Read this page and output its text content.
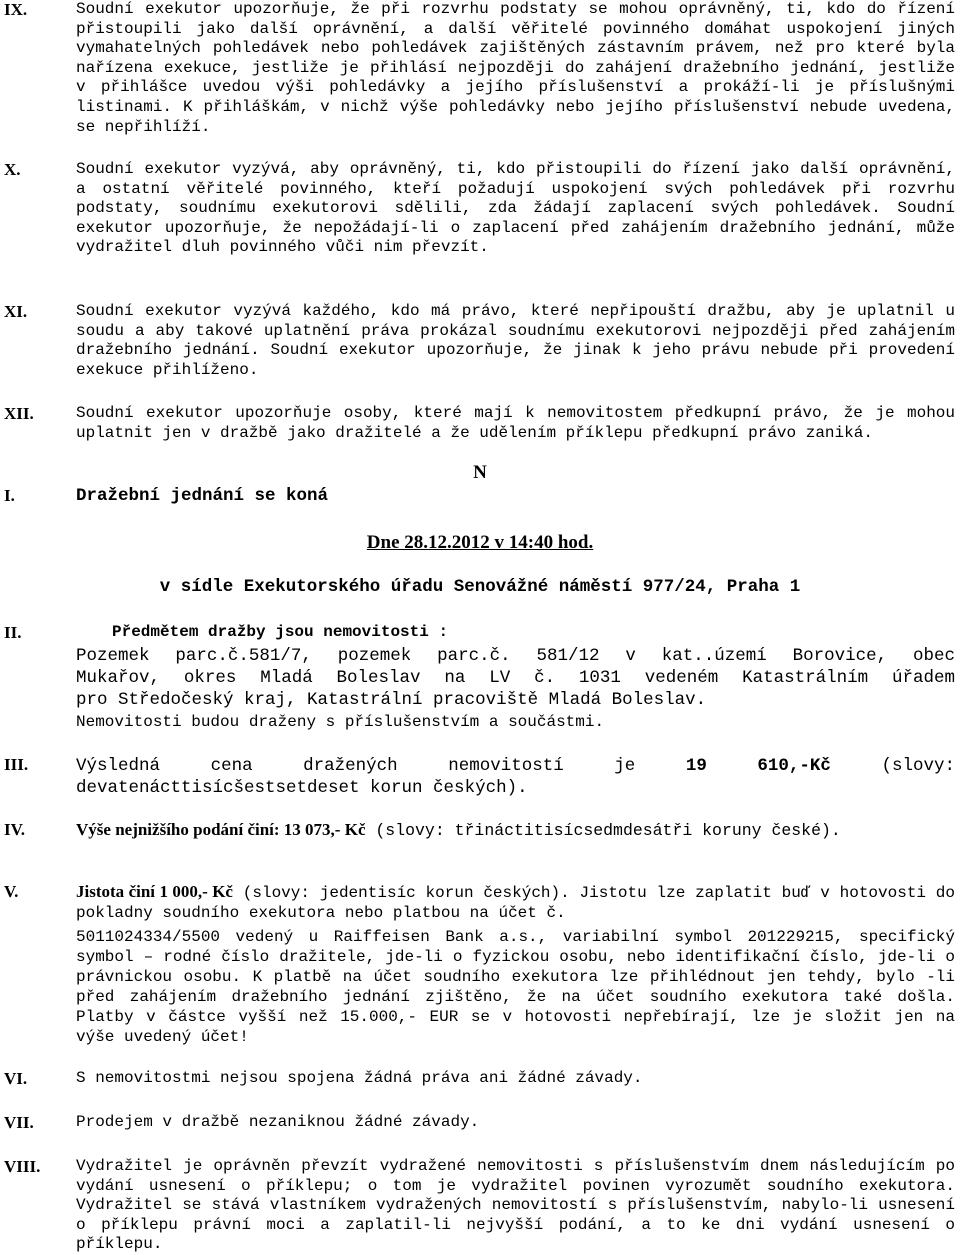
IX.	Soudní exekutor upozorňuje, že při rozvrhu podstaty se mohou oprávněný, ti, kdo do řízení přistoupili jako další oprávnění, a další věřitelé povinného domáhat uspokojení jiných vymahatelných pohledávek nebo pohledávek zajištěných zástavním právem, než pro které byla nařízena exekuce, jestliže je přihlásí nejpozději do zahájení dražebního jednání, jestliže v přihlášce uvedou výši pohledávky a jejího příslušenství a prokáží-li je příslušnými listinami. K přihláškám, v nichž výše pohledávky nebo jejího příslušenství nebude uvedena, se nepřihlíží.
X.	Soudní exekutor vyzývá, aby oprávněný, ti, kdo přistoupili do řízení jako další oprávnění, a ostatní věřitelé povinného, kteří požadují uspokojení svých pohledávek při rozvrhu podstaty, soudnímu exekutorovi sdělili, zda žádají zaplacení svých pohledávek. Soudní exekutor upozorňuje, že nepožádají-li o zaplacení před zahájením dražebního jednání, může vydražitel dluh povinného vůči nim převzít.
XI.	Soudní exekutor vyzývá každého, kdo má právo, které nepřipouští dražbu, aby je uplatnil u soudu a aby takové uplatnění práva prokázal soudnímu exekutorovi nejpozději před zahájením dražebního jednání. Soudní exekutor upozorňuje, že jinak k jeho právu nebude při provedení exekuce přihlíženo.
XII.	Soudní exekutor upozorňuje osoby, které mají k nemovitostem předkupní právo, že je mohou uplatnit jen v dražbě jako dražitelé a že udělením příklepu předkupní právo zaniká.
N
I.	Dražební jednání se koná
Dne 28.12.2012 v 14:40 hod.
v sídle Exekutorského úřadu Senovážné náměstí 977/24, Praha 1
II.	Předmětem dražby jsou nemovitosti :
Pozemek parc.č.581/7, pozemek parc.č. 581/12 v kat..území Borovice, obec
Mukařov, okres Mladá Boleslav na LV č. 1031 vedeném Katastrálním úřadem
pro Středočeský kraj, Katastrální pracoviště Mladá Boleslav.
Nemovitosti budou draženy s příslušenstvím a součástmi.
III.	Výsledná cena dražených nemovitostí je	19 610,-Kč	(slovy:
devatenácttisícšestsetdeset korun českých).
IV.	Výše nejnižšího podání činí: 13 073,- Kč (slovy: třináctitisícsedmdesátři koruny české).
V.	Jistota činí 1 000,- Kč (slovy: jedentisíc korun českých). Jistotu lze zaplatit buď v hotovosti do pokladny soudního exekutora nebo platbou na účet č.
5011024334/5500 vedený u Raiffeisen Bank a.s., variabilní symbol 201229215, specifický symbol – rodné číslo dražitele, jde-li o fyzickou osobu, nebo identifikační číslo, jde-li o právnickou osobu. K platbě na účet soudního exekutora lze přihlédnout jen tehdy, bylo -li před zahájením dražebního jednání zjištěno, že na účet soudního exekutora také došla. Platby v částce vyšší než 15.000,- EUR se v hotovosti nepřebírají, lze je složit jen na výše uvedený účet!
VI.	S nemovitostmi nejsou spojena žádná práva ani žádné závady.
VII.	Prodejem v dražbě nezaniknou žádné závady.
VIII. Vydražitel je oprávněn převzít vydražené nemovitosti s příslušenstvím dnem následujícím po vydání usnesení o příklepu; o tom je vydražitel povinen vyrozumět soudního exekutora. Vydražitel se stává vlastníkem vydražených nemovitostí s příslušenstvím, nabylo-li usnesení o příklepu právní moci a zaplatil-li nejvyšší podání, a to ke dni vydání usnesení o příklepu.
